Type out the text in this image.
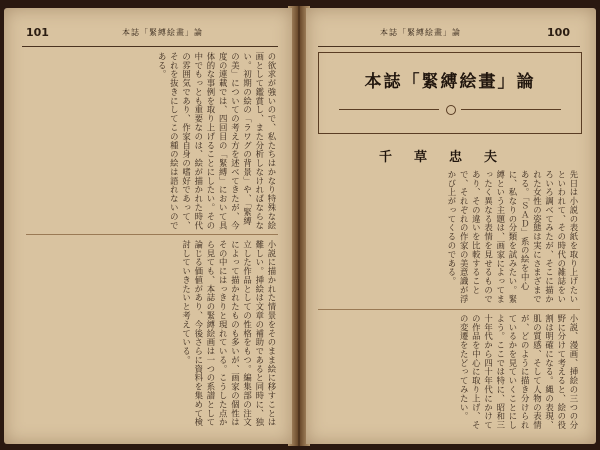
101	本誌「緊縛絵畫」論
の欲求が強いので、私たちはかなり特殊な絵画として鑑賞し、また分析しなければならない。初期の絵の「ラワグの背景」や、「緊縛の美」についての考え方を述べてきたが、今度の連載では、四回目の「緊縛」において具体的な事例を取り上げることにしたい。その中でもっとも重要なのは、絵が描かれた時代の雰囲気であり、作家自身の嗜好であって、それを抜きにしてこの種の絵は語れないのである。
小説に描かれた情景をそのまま絵に移すことは難しい。挿絵は文章の補助であると同時に、独立した作品としての性格をもつ。編集部の注文によって描かれたものも多いが、画家の個性はその中にはっきりと現れている。こうした点から見ても、本誌の緊縛絵画は一つの系譜として論じる価値があり、今後さらに資料を集めて検討していきたいと考えている。
本誌「緊縛絵畫」論	100
本誌「緊縛絵畫」論
千草忠夫
先日は小説の表紙を取り上げたいといわれて、その時代の雑誌をいろいろ調べてみたが、そこに描かれた女性の姿態は実にさまざまである。「ＳＡＤ」系の絵を中心に、私なりの分類を試みたい。緊縛という主題は、画家によってまったく異なる表情を見せるものであり、その違いを比較することで、それぞれの作家の美意識が浮かび上がってくるのである。
小説、漫画、挿絵の三つの分野に分けて考えると、絵の役割は明確になる。縄の表現、肌の質感、そして人物の表情が、どのように描き分けられているかを見ていくことにしよう。ここでは特に、昭和三十年代から四十年代にかけての作品を中心に取り上げ、その変遷をたどってみたい。
